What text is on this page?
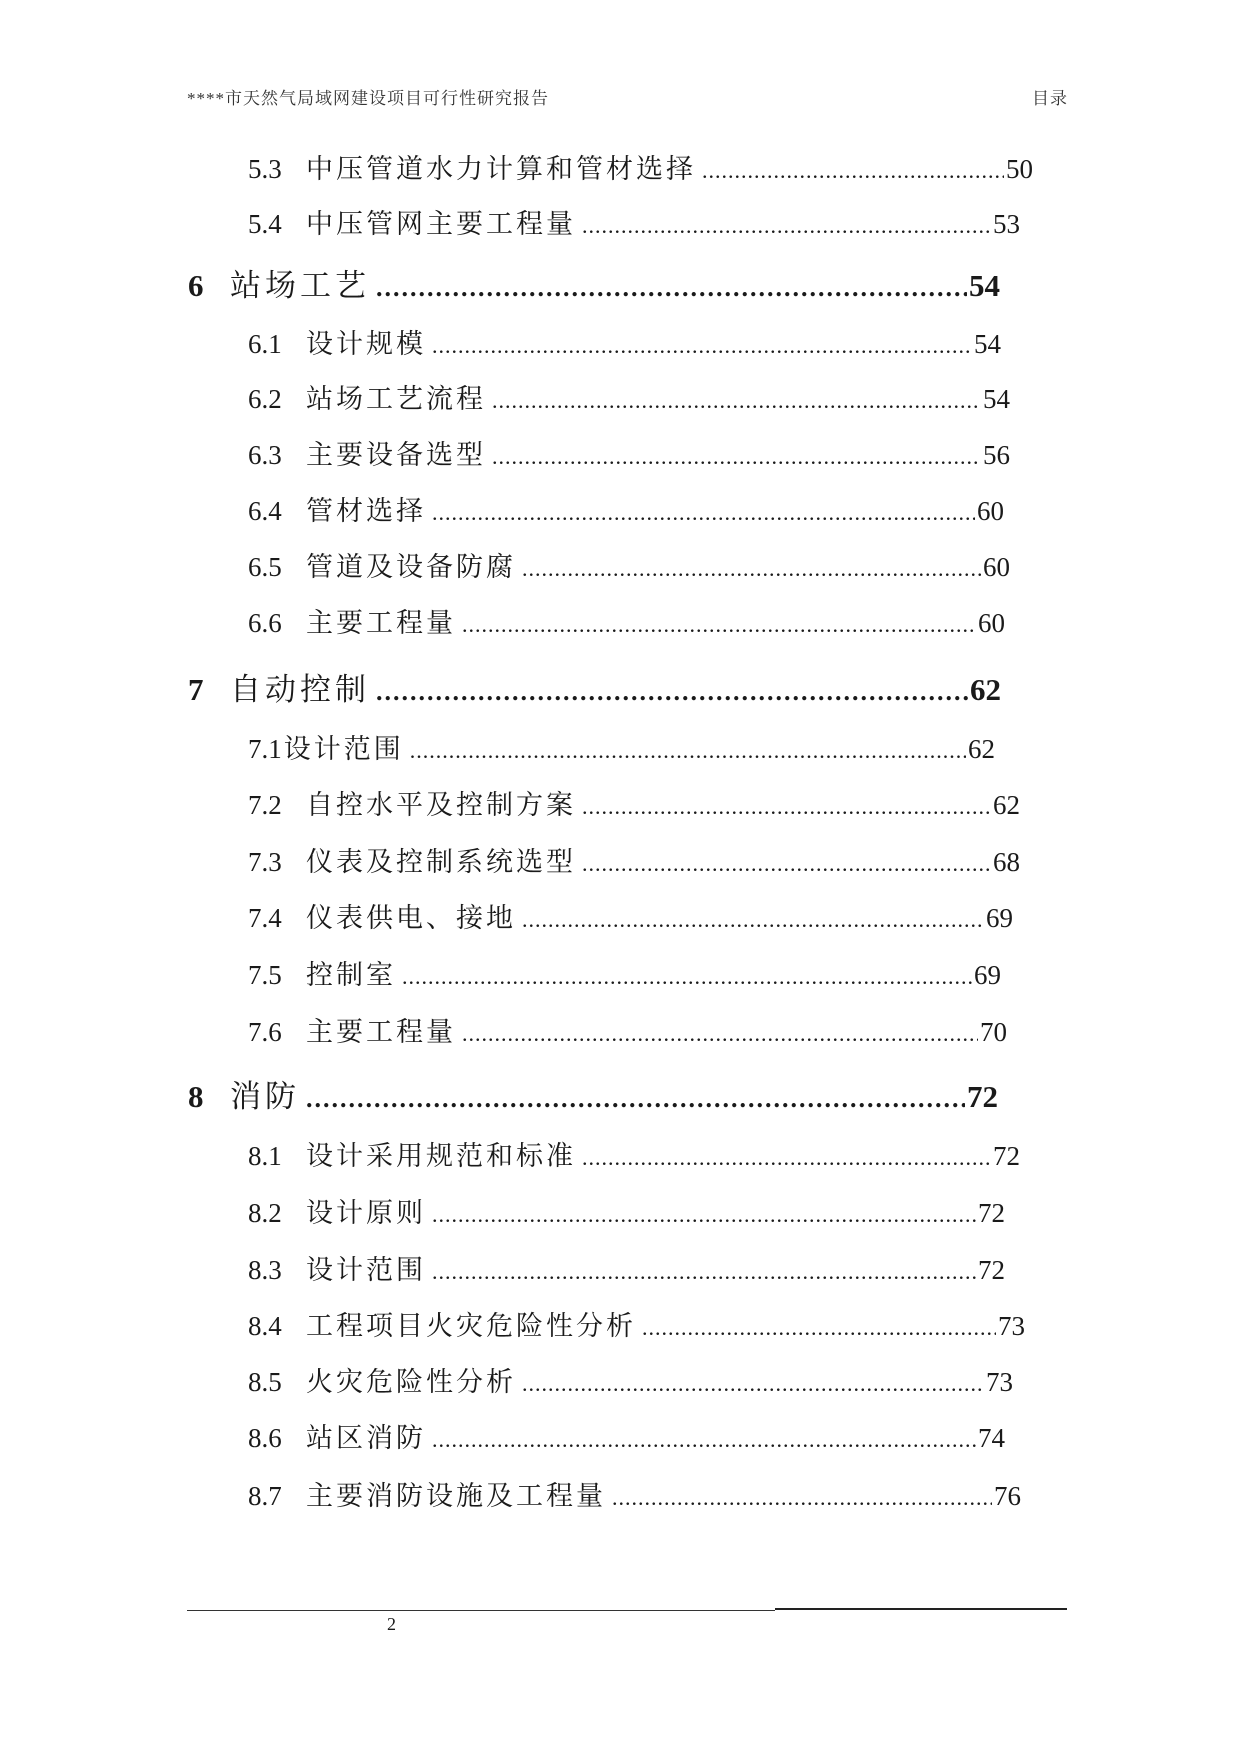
****市天然气局域网建设项目可行性研究报告	目录
5.3 中压管道水力计算和管材选择 .....	50
5.4 中压管网主要工程量 .....	53
6 站场工艺 .....	54
6.1 设计规模 .....	54
6.2 站场工艺流程 .....	54
6.3 主要设备选型 .....	56
6.4 管材选择 .....	60
6.5 管道及设备防腐 .....	60
6.6 主要工程量 .....	60
7 自动控制 .....	62
7.1 设计范围 .....	62
7.2 自控水平及控制方案 .....	62
7.3 仪表及控制系统选型 .....	68
7.4 仪表供电、接地 .....	69
7.5 控制室 .....	69
7.6 主要工程量 .....	70
8 消防 .....	72
8.1 设计采用规范和标准 .....	72
8.2 设计原则 .....	72
8.3 设计范围 .....	72
8.4 工程项目火灾危险性分析 .....	73
8.5 火灾危险性分析 .....	73
8.6 站区消防 .....	74
8.7 主要消防设施及工程量 .....	76
2
